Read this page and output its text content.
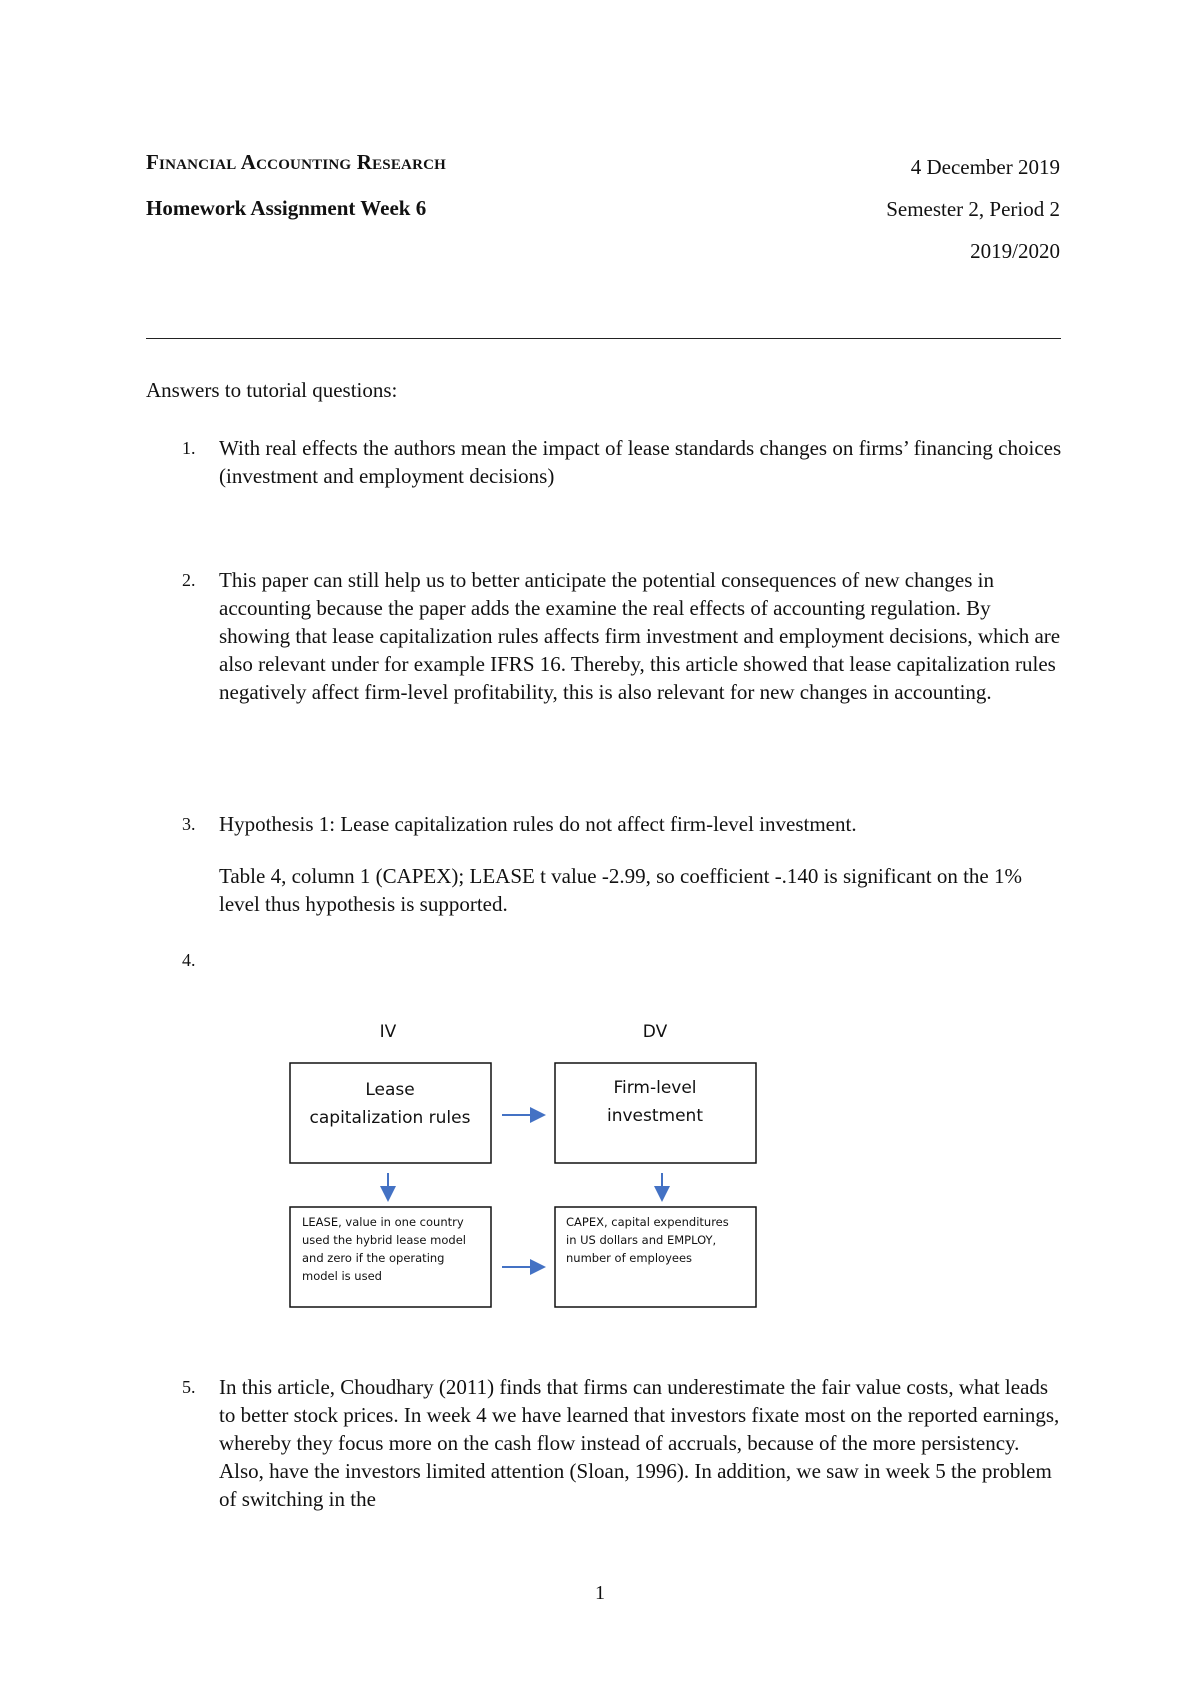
Financial Accounting Research
Homework Assignment Week 6
4 December 2019
Semester 2, Period 2
2019/2020

Answers to tutorial questions:

1. With real effects the authors mean the impact of lease standards changes on firms’ financing choices (investment and employment decisions)

2. This paper can still help us to better anticipate the potential consequences of new changes in accounting because the paper adds the examine the real effects of accounting regulation. By showing that lease capitalization rules affects firm investment and employment decisions, which are also relevant under for example IFRS 16. Thereby, this article showed that lease capitalization rules negatively affect firm-level profitability, this is also relevant for new changes in accounting.

3. Hypothesis 1: Lease capitalization rules do not affect firm-level investment.

Table 4, column 1 (CAPEX); LEASE t value -2.99, so coefficient -.140 is significant on the 1% level thus hypothesis is supported.

4.
IV	DV
Lease
capitalization rules
Firm-level
investment
LEASE, value in one country
used the hybrid lease model
and zero if the operating
model is used
CAPEX, capital expenditures
in US dollars and EMPLOY,
number of employees
5. In this article, Choudhary (2011) finds that firms can underestimate the fair value costs, what leads to better stock prices. In week 4 we have learned that investors fixate most on the reported earnings, whereby they focus more on the cash flow instead of accruals, because of the more persistency. Also, have the investors limited attention (Sloan, 1996). In addition, we saw in week 5 the problem of switching in the

1
